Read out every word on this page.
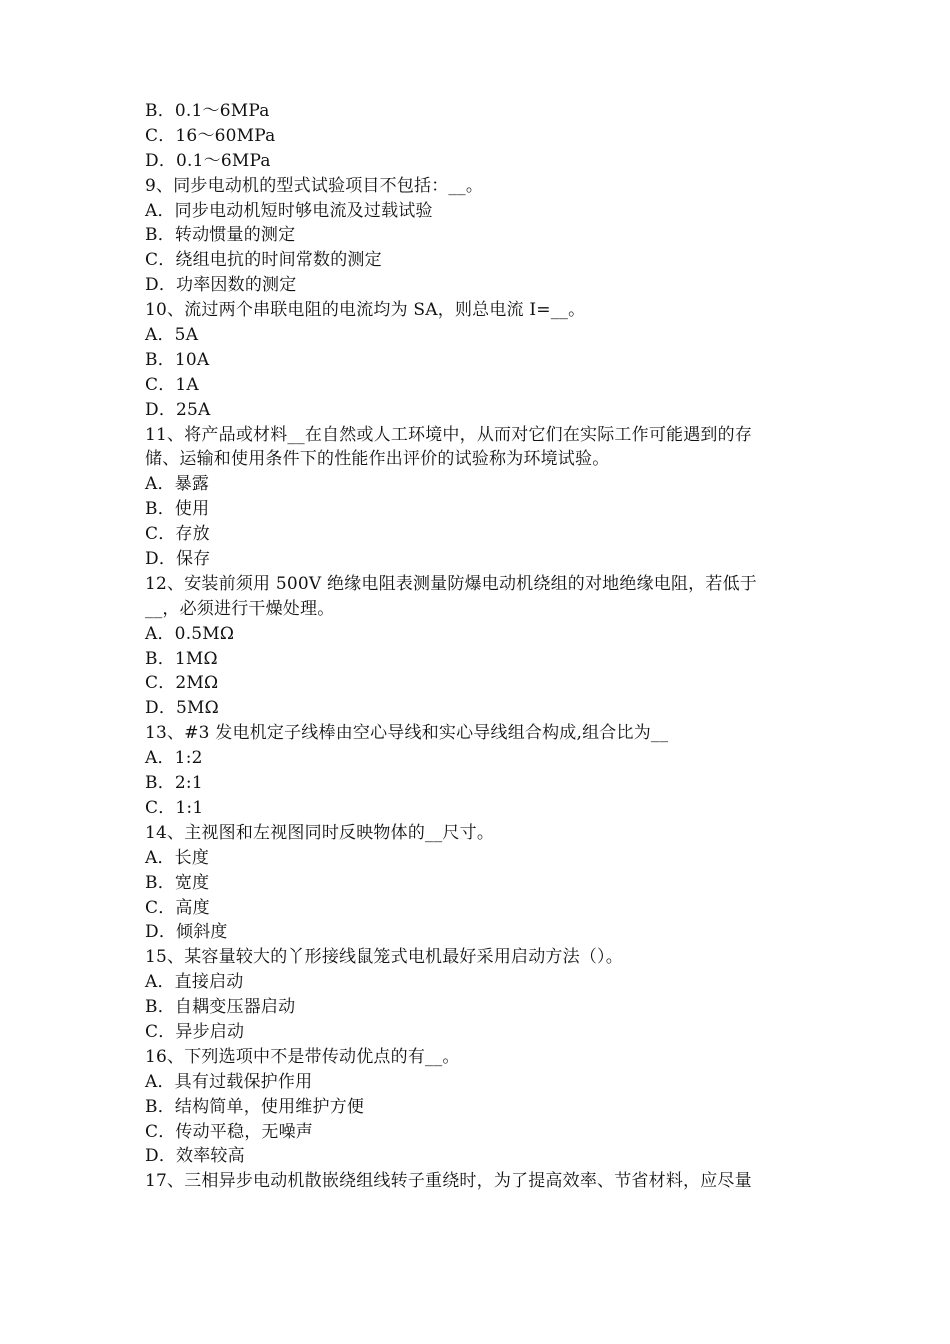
B．0.1～6MPa
C．16～60MPa
D．0.1～6MPa
9、同步电动机的型式试验项目不包括：__。
A．同步电动机短时够电流及过载试验
B．转动惯量的测定
C．绕组电抗的时间常数的测定
D．功率因数的测定
10、流过两个串联电阻的电流均为 SA，则总电流 I=__。
A．5A
B．10A
C．1A
D．25A
11、将产品或材料__在自然或人工环境中，从而对它们在实际工作可能遇到的存
储、运输和使用条件下的性能作出评价的试验称为环境试验。
A．暴露
B．使用
C．存放
D．保存
12、安装前须用 500V 绝缘电阻表测量防爆电动机绕组的对地绝缘电阻，若低于
__，必须进行干燥处理。
A．0.5MΩ
B．1MΩ
C．2MΩ
D．5MΩ
13、#3 发电机定子线棒由空心导线和实心导线组合构成,组合比为__
A．1:2
B．2:1
C．1:1
14、主视图和左视图同时反映物体的__尺寸。
A．长度
B．宽度
C．高度
D．倾斜度
15、某容量较大的丫形接线鼠笼式电机最好采用启动方法（）。
A．直接启动
B．自耦变压器启动
C．异步启动
16、下列选项中不是带传动优点的有__。
A．具有过载保护作用
B．结构简单，使用维护方便
C．传动平稳，无噪声
D．效率较高
17、三相异步电动机散嵌绕组线转子重绕时，为了提高效率、节省材料，应尽量
